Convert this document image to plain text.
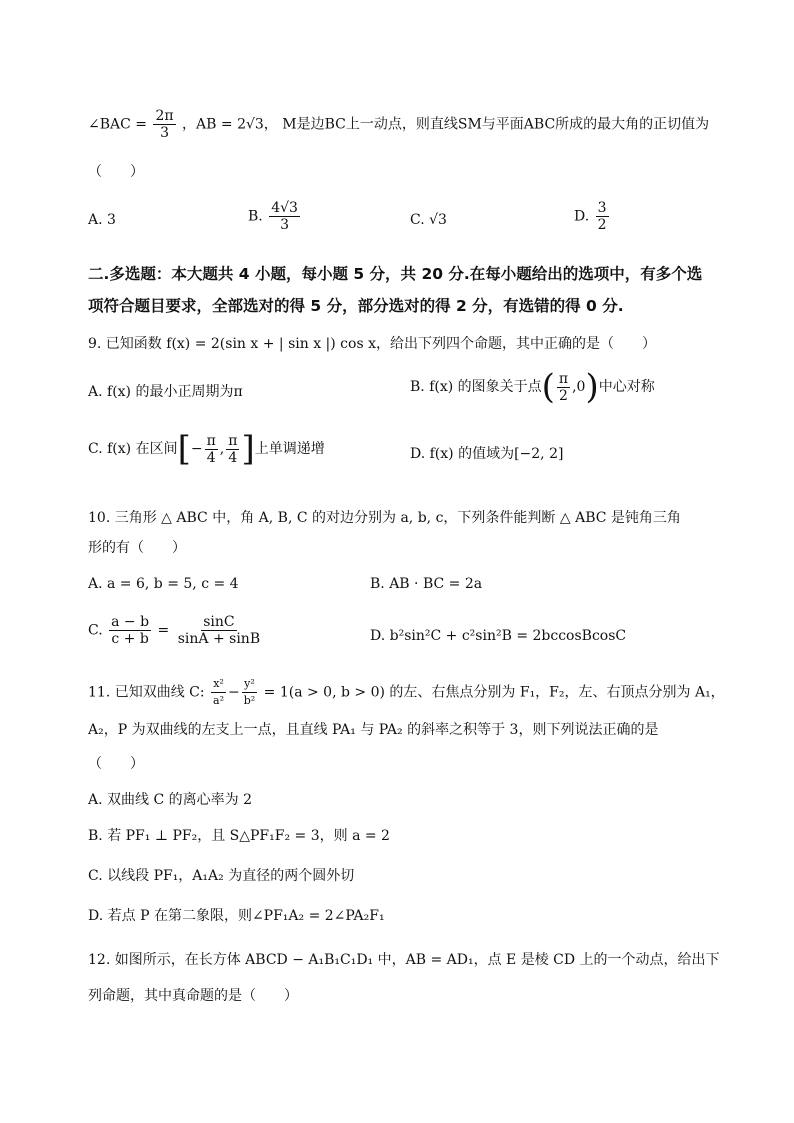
∠BAC = $\frac{2\pi}{3}$ ，AB = 2√3， M是边BC上一动点，则直线SM与平面ABC所成的最大角的正切值为
（　　）
A. 3	B. $\frac{4√3}{3}$	C. √3	D. $\frac{3}{2}$
二.多选题：本大题共 4 小题，每小题 5 分，共 20 分.在每小题给出的选项中，有多个选
项符合题目要求，全部选对的得 5 分，部分选对的得 2 分，有选错的得 0 分.
9. 已知函数 f(x) = 2(sin x + | sin x |) cos x，给出下列四个命题，其中正确的是（　　）
A. f(x) 的最小正周期为π	B. f(x) 的图象关于点( $\frac{\pi}{2} ,0$)中心对称
C. f(x) 在区间[− $\frac{\pi}{4}$ , $\frac{\pi}{4}$ ]上单调递增	D. f(x) 的值域为[−2, 2]
10. 三角形 △ ABC 中，角 A, B, C 的对边分别为 a, b, c，下列条件能判断 △ ABC 是钝角三角
形的有（　　）
A. a = 6, b = 5, c = 4	B. AB · BC = 2a
C. $\frac{a - b}{c + b} = \frac{\sin C}{\sin A + \sin B}$	D. b²sin²C + c²sin²B = 2bccosBcosC
11. 已知双曲线 C: $\frac{\text{x²}}{\text{a²}} - \frac{\text{y²}}{\text{b²}} = 1(a > 0$, b > 0) 的左、右焦点分别为 F₁，F₂，左、右顶点分别为 A₁，
A₂，P 为双曲线的左支上一点，且直线 PA₁ 与 PA₂ 的斜率之积等于 3，则下列说法正确的是
（　　）
A. 双曲线 C 的离心率为 2
B. 若 PF₁ ⊥ PF₂，且 S△PF₁F₂ = 3，则 a = 2
C. 以线段 PF₁，A₁A₂ 为直径的两个圆外切
D. 若点 P 在第二象限，则∠PF₁A₂ = 2∠PA₂F₁
12. 如图所示，在长方体 ABCD − A₁B₁C₁D₁ 中，AB = AD₁，点 E 是棱 CD 上的一个动点，给出下
列命题，其中真命题的是（　　）
